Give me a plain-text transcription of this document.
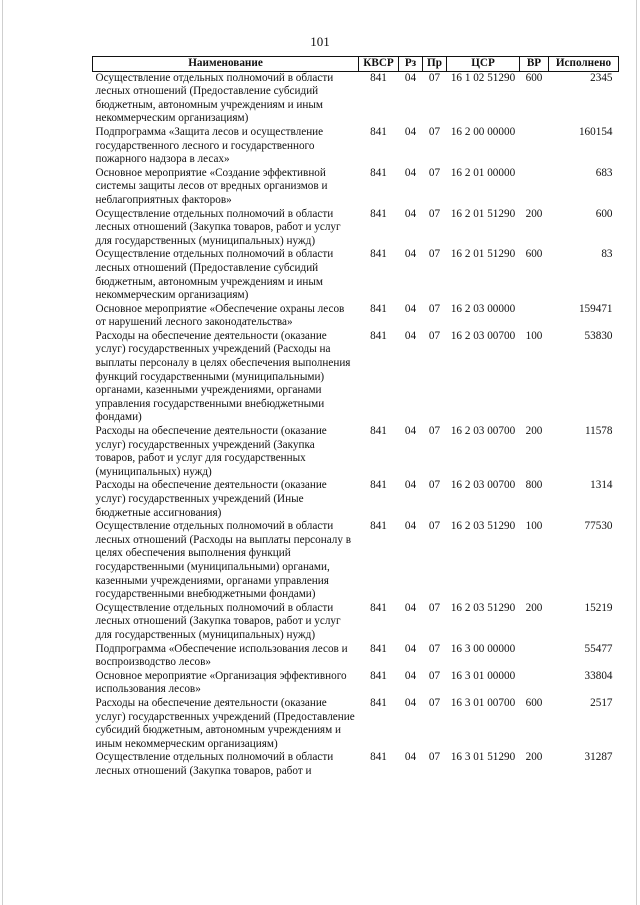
101
Наименование	КВСР	Рз	Пр	ЦСР	ВР	Исполнено
Осуществление отдельных полномочий в области лесных отношений (Предоставление субсидий бюджетным, автономным учреждениям и иным некоммерческим организациям)	841	04	07	16 1 02 51290	600	2345
Подпрограмма «Защита лесов и осуществление государственного лесного и государственного пожарного надзора в лесах»	841	04	07	16 2 00 00000		160154
Основное мероприятие «Создание эффективной системы защиты лесов от вредных организмов и неблагоприятных факторов»	841	04	07	16 2 01 00000		683
Осуществление отдельных полномочий в области лесных отношений (Закупка товаров, работ и услуг для государственных (муниципальных) нужд)	841	04	07	16 2 01 51290	200	600
Осуществление отдельных полномочий в области лесных отношений (Предоставление субсидий бюджетным, автономным учреждениям и иным некоммерческим организациям)	841	04	07	16 2 01 51290	600	83
Основное мероприятие «Обеспечение охраны лесов от нарушений лесного законодательства»	841	04	07	16 2 03 00000		159471
Расходы на обеспечение деятельности (оказание услуг) государственных учреждений (Расходы на выплаты персоналу в целях обеспечения выполнения функций государственными (муниципальными) органами, казенными учреждениями, органами управления государственными внебюджетными фондами)	841	04	07	16 2 03 00700	100	53830
Расходы на обеспечение деятельности (оказание услуг) государственных учреждений (Закупка товаров, работ и услуг для государственных (муниципальных) нужд)	841	04	07	16 2 03 00700	200	11578
Расходы на обеспечение деятельности (оказание услуг) государственных учреждений (Иные бюджетные ассигнования)	841	04	07	16 2 03 00700	800	1314
Осуществление отдельных полномочий в области лесных отношений (Расходы на выплаты персоналу в целях обеспечения выполнения функций государственными (муниципальными) органами, казенными учреждениями, органами управления государственными внебюджетными фондами)	841	04	07	16 2 03 51290	100	77530
Осуществление отдельных полномочий в области лесных отношений (Закупка товаров, работ и услуг для государственных (муниципальных) нужд)	841	04	07	16 2 03 51290	200	15219
Подпрограмма «Обеспечение использования лесов и воспроизводство лесов»	841	04	07	16 3 00 00000		55477
Основное мероприятие «Организация эффективного использования лесов»	841	04	07	16 3 01 00000		33804
Расходы на обеспечение деятельности (оказание услуг) государственных учреждений (Предоставление субсидий бюджетным, автономным учреждениям и иным некоммерческим организациям)	841	04	07	16 3 01 00700	600	2517
Осуществление отдельных полномочий в области лесных отношений (Закупка товаров, работ и	841	04	07	16 3 01 51290	200	31287
